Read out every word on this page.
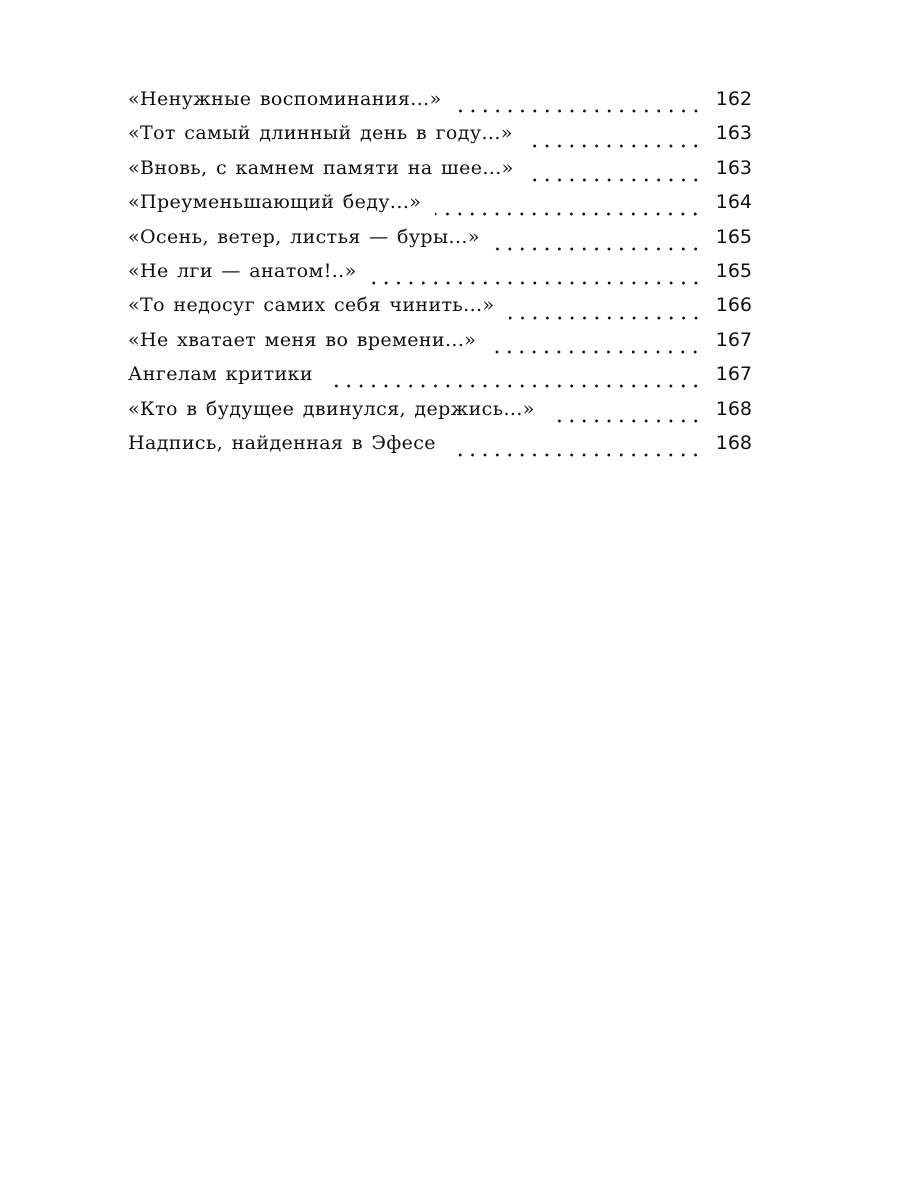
«Ненужные воспоминания...»	162
«Тот самый длинный день в году...»	163
«Вновь, с камнем памяти на шее...»	163
«Преуменьшающий беду...»	164
«Осень, ветер, листья — буры...»	165
«Не лги — анатом!..»	165
«То недосуг самих себя чинить...»	166
«Не хватает меня во времени...»	167
Ангелам критики	167
«Кто в будущее двинулся, держись...»	168
Надпись, найденная в Эфесе	168
